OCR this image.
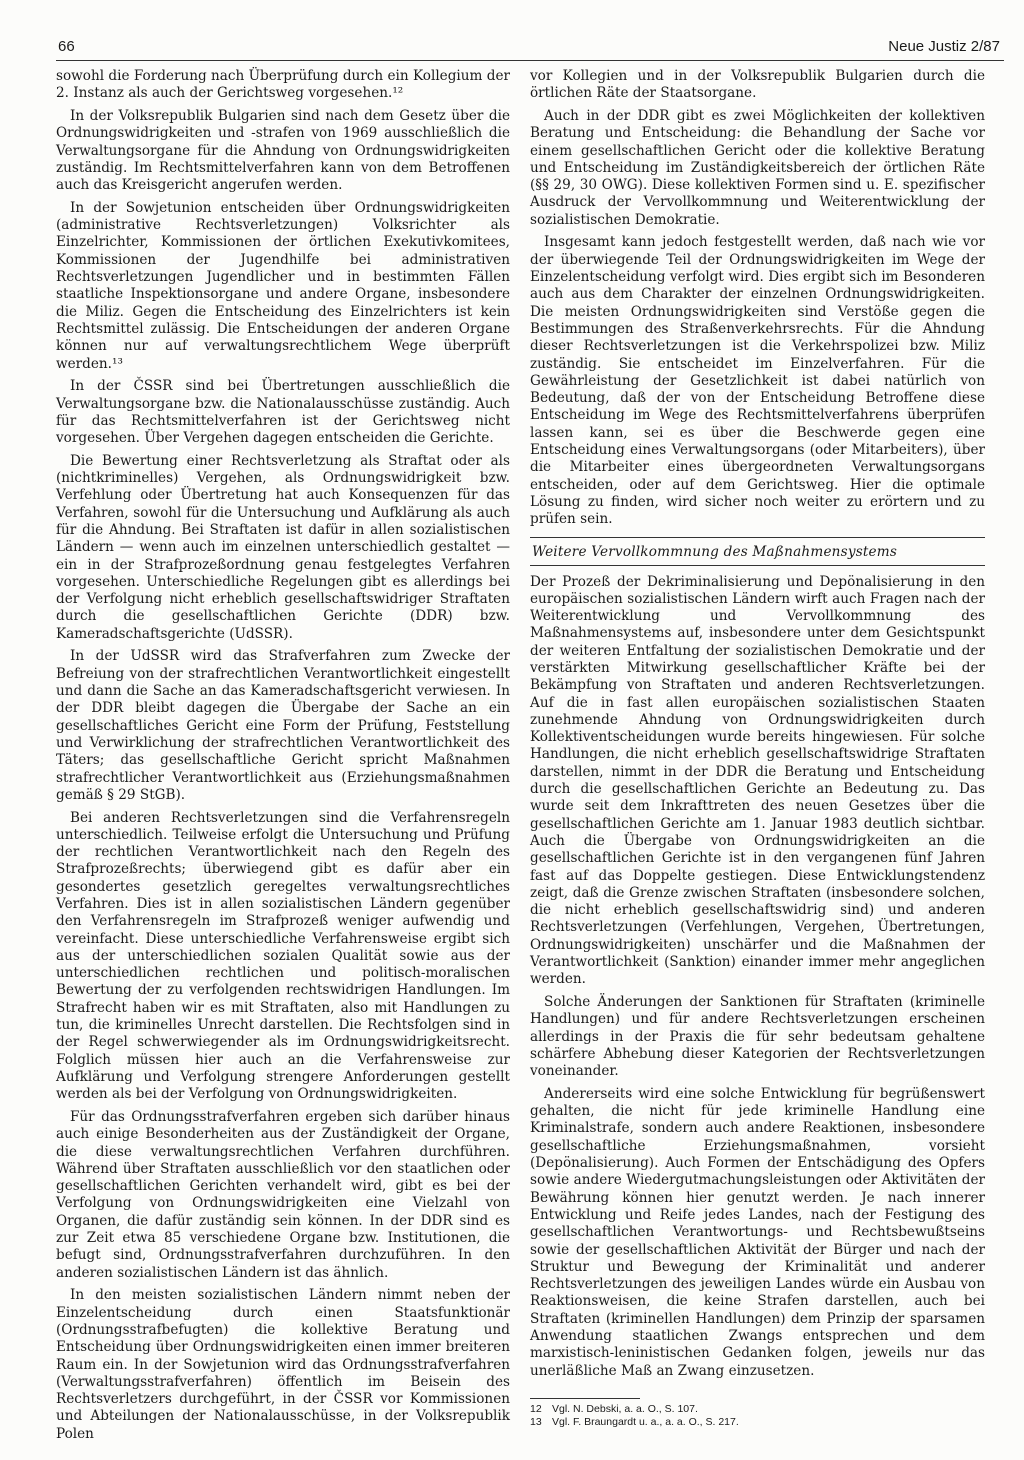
66	Neue Justiz 2/87

sowohl die Forderung nach Überprüfung durch ein Kollegium der 2. Instanz als auch der Gerichtsweg vorgesehen.¹²

In der Volksrepublik Bulgarien sind nach dem Gesetz über die Ordnungswidrigkeiten und -strafen von 1969 ausschließlich die Verwaltungsorgane für die Ahndung von Ordnungswidrigkeiten zuständig. Im Rechtsmittelverfahren kann von dem Betroffenen auch das Kreisgericht angerufen werden.

In der Sowjetunion entscheiden über Ordnungswidrigkeiten (administrative Rechtsverletzungen) Volksrichter als Einzelrichter, Kommissionen der örtlichen Exekutivkomitees, Kommissionen der Jugendhilfe bei administrativen Rechtsverletzungen Jugendlicher und in bestimmten Fällen staatliche Inspektionsorgane und andere Organe, insbesondere die Miliz. Gegen die Entscheidung des Einzelrichters ist kein Rechtsmittel zulässig. Die Entscheidungen der anderen Organe können nur auf verwaltungsrechtlichem Wege überprüft werden.¹³

In der ČSSR sind bei Übertretungen ausschließlich die Verwaltungsorgane bzw. die Nationalausschüsse zuständig. Auch für das Rechtsmittelverfahren ist der Gerichtsweg nicht vorgesehen. Über Vergehen dagegen entscheiden die Gerichte.

Die Bewertung einer Rechtsverletzung als Straftat oder als (nichtkriminelles) Vergehen, als Ordnungswidrigkeit bzw. Verfehlung oder Übertretung hat auch Konsequenzen für das Verfahren, sowohl für die Untersuchung und Aufklärung als auch für die Ahndung. Bei Straftaten ist dafür in allen sozialistischen Ländern — wenn auch im einzelnen unterschiedlich gestaltet — ein in der Strafprozeßordnung genau festgelegtes Verfahren vorgesehen. Unterschiedliche Regelungen gibt es allerdings bei der Verfolgung nicht erheblich gesellschaftswidriger Straftaten durch die gesellschaftlichen Gerichte (DDR) bzw. Kameradschaftsgerichte (UdSSR).

In der UdSSR wird das Strafverfahren zum Zwecke der Befreiung von der strafrechtlichen Verantwortlichkeit eingestellt und dann die Sache an das Kameradschaftsgericht verwiesen. In der DDR bleibt dagegen die Übergabe der Sache an ein gesellschaftliches Gericht eine Form der Prüfung, Feststellung und Verwirklichung der strafrechtlichen Verantwortlichkeit des Täters; das gesellschaftliche Gericht spricht Maßnahmen strafrechtlicher Verantwortlichkeit aus (Erziehungsmaßnahmen gemäß § 29 StGB).

Bei anderen Rechtsverletzungen sind die Verfahrensregeln unterschiedlich. Teilweise erfolgt die Untersuchung und Prüfung der rechtlichen Verantwortlichkeit nach den Regeln des Strafprozeßrechts; überwiegend gibt es dafür aber ein gesondertes gesetzlich geregeltes verwaltungsrechtliches Verfahren. Dies ist in allen sozialistischen Ländern gegenüber den Verfahrensregeln im Strafprozeß weniger aufwendig und vereinfacht. Diese unterschiedliche Verfahrensweise ergibt sich aus der unterschiedlichen sozialen Qualität sowie aus der unterschiedlichen rechtlichen und politisch-moralischen Bewertung der zu verfolgenden rechtswidrigen Handlungen. Im Strafrecht haben wir es mit Straftaten, also mit Handlungen zu tun, die kriminelles Unrecht darstellen. Die Rechtsfolgen sind in der Regel schwerwiegender als im Ordnungswidrigkeitsrecht. Folglich müssen hier auch an die Verfahrensweise zur Aufklärung und Verfolgung strengere Anforderungen gestellt werden als bei der Verfolgung von Ordnungswidrigkeiten.

Für das Ordnungsstrafverfahren ergeben sich darüber hinaus auch einige Besonderheiten aus der Zuständigkeit der Organe, die diese verwaltungsrechtlichen Verfahren durchführen. Während über Straftaten ausschließlich vor den staatlichen oder gesellschaftlichen Gerichten verhandelt wird, gibt es bei der Verfolgung von Ordnungswidrigkeiten eine Vielzahl von Organen, die dafür zuständig sein können. In der DDR sind es zur Zeit etwa 85 verschiedene Organe bzw. Institutionen, die befugt sind, Ordnungsstrafverfahren durchzuführen. In den anderen sozialistischen Ländern ist das ähnlich.

In den meisten sozialistischen Ländern nimmt neben der Einzelentscheidung durch einen Staatsfunktionär (Ordnungsstrafbefugten) die kollektive Beratung und Entscheidung über Ordnungswidrigkeiten einen immer breiteren Raum ein. In der Sowjetunion wird das Ordnungsstrafverfahren (Verwaltungsstrafverfahren) öffentlich im Beisein des Rechtsverletzers durchgeführt, in der ČSSR vor Kommissionen und Abteilungen der Nationalausschüsse, in der Volksrepublik Polen

vor Kollegien und in der Volksrepublik Bulgarien durch die örtlichen Räte der Staatsorgane.

Auch in der DDR gibt es zwei Möglichkeiten der kollektiven Beratung und Entscheidung: die Behandlung der Sache vor einem gesellschaftlichen Gericht oder die kollektive Beratung und Entscheidung im Zuständigkeitsbereich der örtlichen Räte (§§ 29, 30 OWG). Diese kollektiven Formen sind u. E. spezifischer Ausdruck der Vervollkommnung und Weiterentwicklung der sozialistischen Demokratie.

Insgesamt kann jedoch festgestellt werden, daß nach wie vor der überwiegende Teil der Ordnungswidrigkeiten im Wege der Einzelentscheidung verfolgt wird. Dies ergibt sich im Besonderen auch aus dem Charakter der einzelnen Ordnungswidrigkeiten. Die meisten Ordnungswidrigkeiten sind Verstöße gegen die Bestimmungen des Straßenverkehrsrechts. Für die Ahndung dieser Rechtsverletzungen ist die Verkehrspolizei bzw. Miliz zuständig. Sie entscheidet im Einzelverfahren. Für die Gewährleistung der Gesetzlichkeit ist dabei natürlich von Bedeutung, daß der von der Entscheidung Betroffene diese Entscheidung im Wege des Rechtsmittelverfahrens überprüfen lassen kann, sei es über die Beschwerde gegen eine Entscheidung eines Verwaltungsorgans (oder Mitarbeiters), über die Mitarbeiter eines übergeordneten Verwaltungsorgans entscheiden, oder auf dem Gerichtsweg. Hier die optimale Lösung zu finden, wird sicher noch weiter zu erörtern und zu prüfen sein.

Weitere Vervollkommnung des Maßnahmensystems

Der Prozeß der Dekriminalisierung und Depönalisierung in den europäischen sozialistischen Ländern wirft auch Fragen nach der Weiterentwicklung und Vervollkommnung des Maßnahmensystems auf, insbesondere unter dem Gesichtspunkt der weiteren Entfaltung der sozialistischen Demokratie und der verstärkten Mitwirkung gesellschaftlicher Kräfte bei der Bekämpfung von Straftaten und anderen Rechtsverletzungen. Auf die in fast allen europäischen sozialistischen Staaten zunehmende Ahndung von Ordnungswidrigkeiten durch Kollektiventscheidungen wurde bereits hingewiesen. Für solche Handlungen, die nicht erheblich gesellschaftswidrige Straftaten darstellen, nimmt in der DDR die Beratung und Entscheidung durch die gesellschaftlichen Gerichte an Bedeutung zu. Das wurde seit dem Inkrafttreten des neuen Gesetzes über die gesellschaftlichen Gerichte am 1. Januar 1983 deutlich sichtbar. Auch die Übergabe von Ordnungswidrigkeiten an die gesellschaftlichen Gerichte ist in den vergangenen fünf Jahren fast auf das Doppelte gestiegen. Diese Entwicklungstendenz zeigt, daß die Grenze zwischen Straftaten (insbesondere solchen, die nicht erheblich gesellschaftswidrig sind) und anderen Rechtsverletzungen (Verfehlungen, Vergehen, Übertretungen, Ordnungswidrigkeiten) unschärfer und die Maßnahmen der Verantwortlichkeit (Sanktion) einander immer mehr angeglichen werden.

Solche Änderungen der Sanktionen für Straftaten (kriminelle Handlungen) und für andere Rechtsverletzungen erscheinen allerdings in der Praxis die für sehr bedeutsam gehaltene schärfere Abhebung dieser Kategorien der Rechtsverletzungen voneinander.

Andererseits wird eine solche Entwicklung für begrüßenswert gehalten, die nicht für jede kriminelle Handlung eine Kriminalstrafe, sondern auch andere Reaktionen, insbesondere gesellschaftliche Erziehungsmaßnahmen, vorsieht (Depönalisierung). Auch Formen der Entschädigung des Opfers sowie andere Wiedergutmachungsleistungen oder Aktivitäten der Bewährung können hier genutzt werden. Je nach innerer Entwicklung und Reife jedes Landes, nach der Festigung des gesellschaftlichen Verantwortungs- und Rechtsbewußtseins sowie der gesellschaftlichen Aktivität der Bürger und nach der Struktur und Bewegung der Kriminalität und anderer Rechtsverletzungen des jeweiligen Landes würde ein Ausbau von Reaktionsweisen, die keine Strafen darstellen, auch bei Straftaten (kriminellen Handlungen) dem Prinzip der sparsamen Anwendung staatlichen Zwangs entsprechen und dem marxistisch-leninistischen Gedanken folgen, jeweils nur das unerläßliche Maß an Zwang einzusetzen.

12 Vgl. N. Debski, a. a. O., S. 107.
13 Vgl. F. Braungardt u. a., a. a. O., S. 217.
